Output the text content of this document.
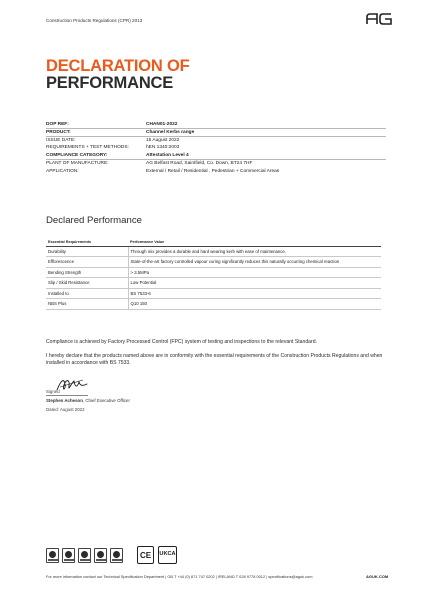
Construction Products Regulations (CPR) 2013
DECLARATION OF
PERFORMANCE
DOP REF:	CHAN01-2022
PRODUCT:	Channel Kerbs range
ISSUE DATE:	15 August 2022
REQUIREMENTS + TEST METHODS:	hEN 1340:2003
COMPLIANCE CATEGORY:	Attestation Level 4
PLANT OF MANUFACTURE:	AG Belfast Road, Saintfield, Co. Down, BT24 7HF
APPLICATION:	External / Retail / Residential , Pedestrian + Commercial Areas
Declared Performance
Essential Requirements	Performance Value
Durability	Through mix provides a durable and hard wearing kerb with ease of maintenance.
Efflorescence	State-of-the-art factory controlled vapour curing significantly reduces this naturally occurring chemical reaction
Bending Strength	> 3.5MPa
Slip / Skid Resistance	Low Potential
Installed to	BS 7533-6
NBS Plus	Q10 150
Compliance is achieved by Factory Processed Control (FPC) system of testing and inspections to the relevant Standard.
I hereby declare that the products named above are in conformity with the essential requirements of the Construction Products Regulations and when installed in accordance with BS 7533.
Signed
Stephen Acheson, Chief Executive Officer
Dated: August 2022
CE	UK CA
For more information contact our Technical Specification Department | GB T +44 (0) 871 747 0202 | IRELAND T 028 9778 0012 | specifications@aguk.com	AGUK.COM
